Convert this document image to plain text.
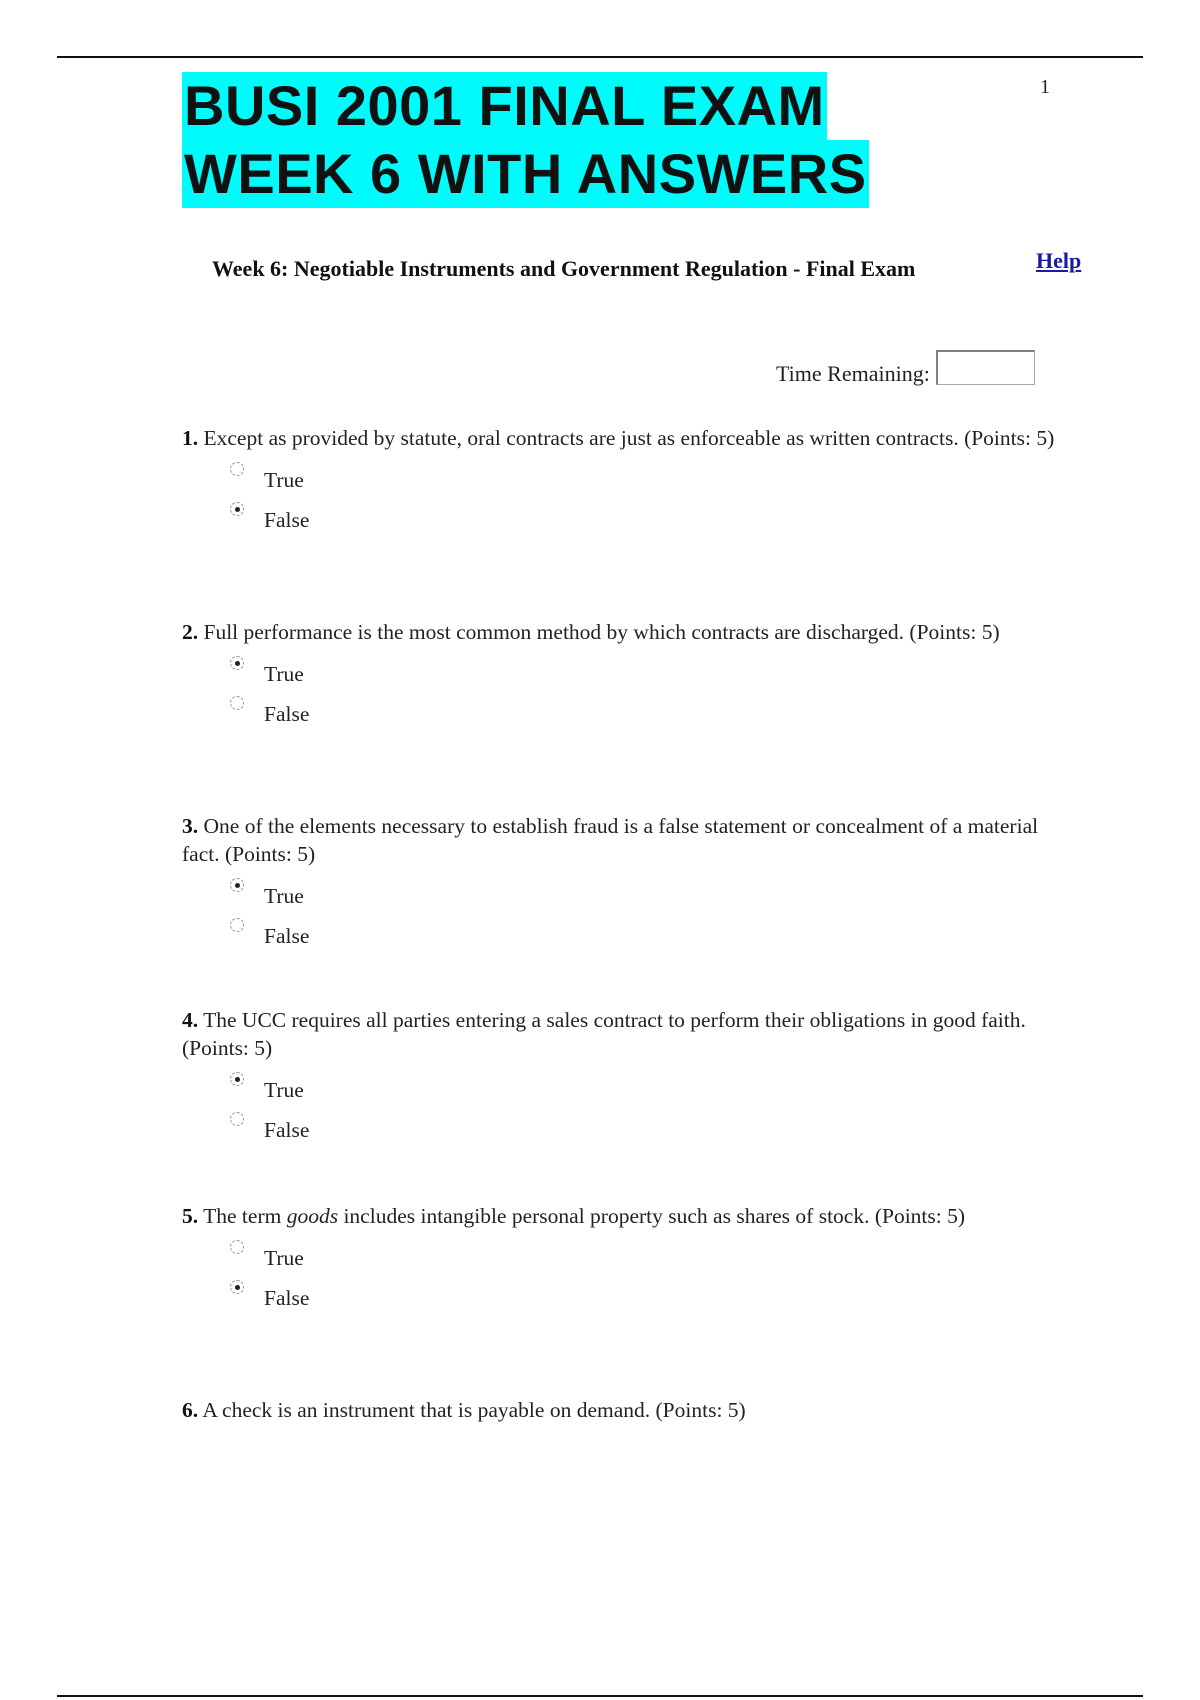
BUSI 2001 FINAL EXAM
WEEK 6 WITH ANSWERS
1
Week 6: Negotiable Instruments and Government Regulation - Final Exam	Help
Time Remaining:

1. Except as provided by statute, oral contracts are just as enforceable as written contracts. (Points: 5)

True
False

2. Full performance is the most common method by which contracts are discharged. (Points: 5)

True
False

3. One of the elements necessary to establish fraud is a false statement or concealment of a material fact. (Points: 5)

True
False

4. The UCC requires all parties entering a sales contract to perform their obligations in good faith. (Points: 5)

True
False

5. The term goods includes intangible personal property such as shares of stock. (Points: 5)

True
False

6. A check is an instrument that is payable on demand. (Points: 5)
